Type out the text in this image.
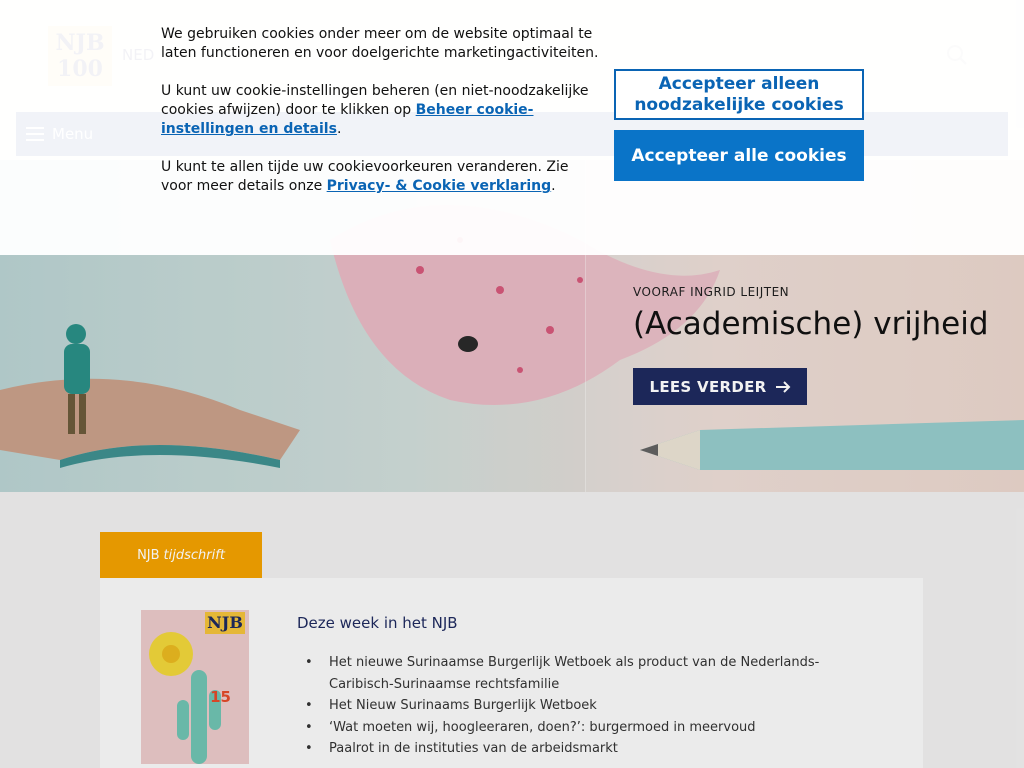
VOORAF INGRID LEIJTEN
(Academische) vrijheid
LEES VERDER
NJB tijdschrift
NJB
15
Deze week in het NJB
• Het nieuwe Surinaamse Burgerlijk Wetboek als product van de Nederlands-Caribisch-Surinaamse rechtsfamilie
• Het Nieuw Surinaams Burgerlijk Wetboek
• ‘Wat moeten wij, hoogleeraren, doen?’: burgermoed in meervoud
• Paalrot in de instituties van de arbeidsmarkt

We gebruiken cookies onder meer om de website optimaal te laten functioneren en voor doelgerichte marketingactiviteiten.

U kunt uw cookie-instellingen beheren (en niet-noodzakelijke cookies afwijzen) door te klikken op Beheer cookie-instellingen en details.

U kunt te allen tijde uw cookievoorkeuren veranderen. Zie voor meer details onze Privacy- & Cookie verklaring.

Accepteer alleen noodzakelijke cookies
Accepteer alle cookies
